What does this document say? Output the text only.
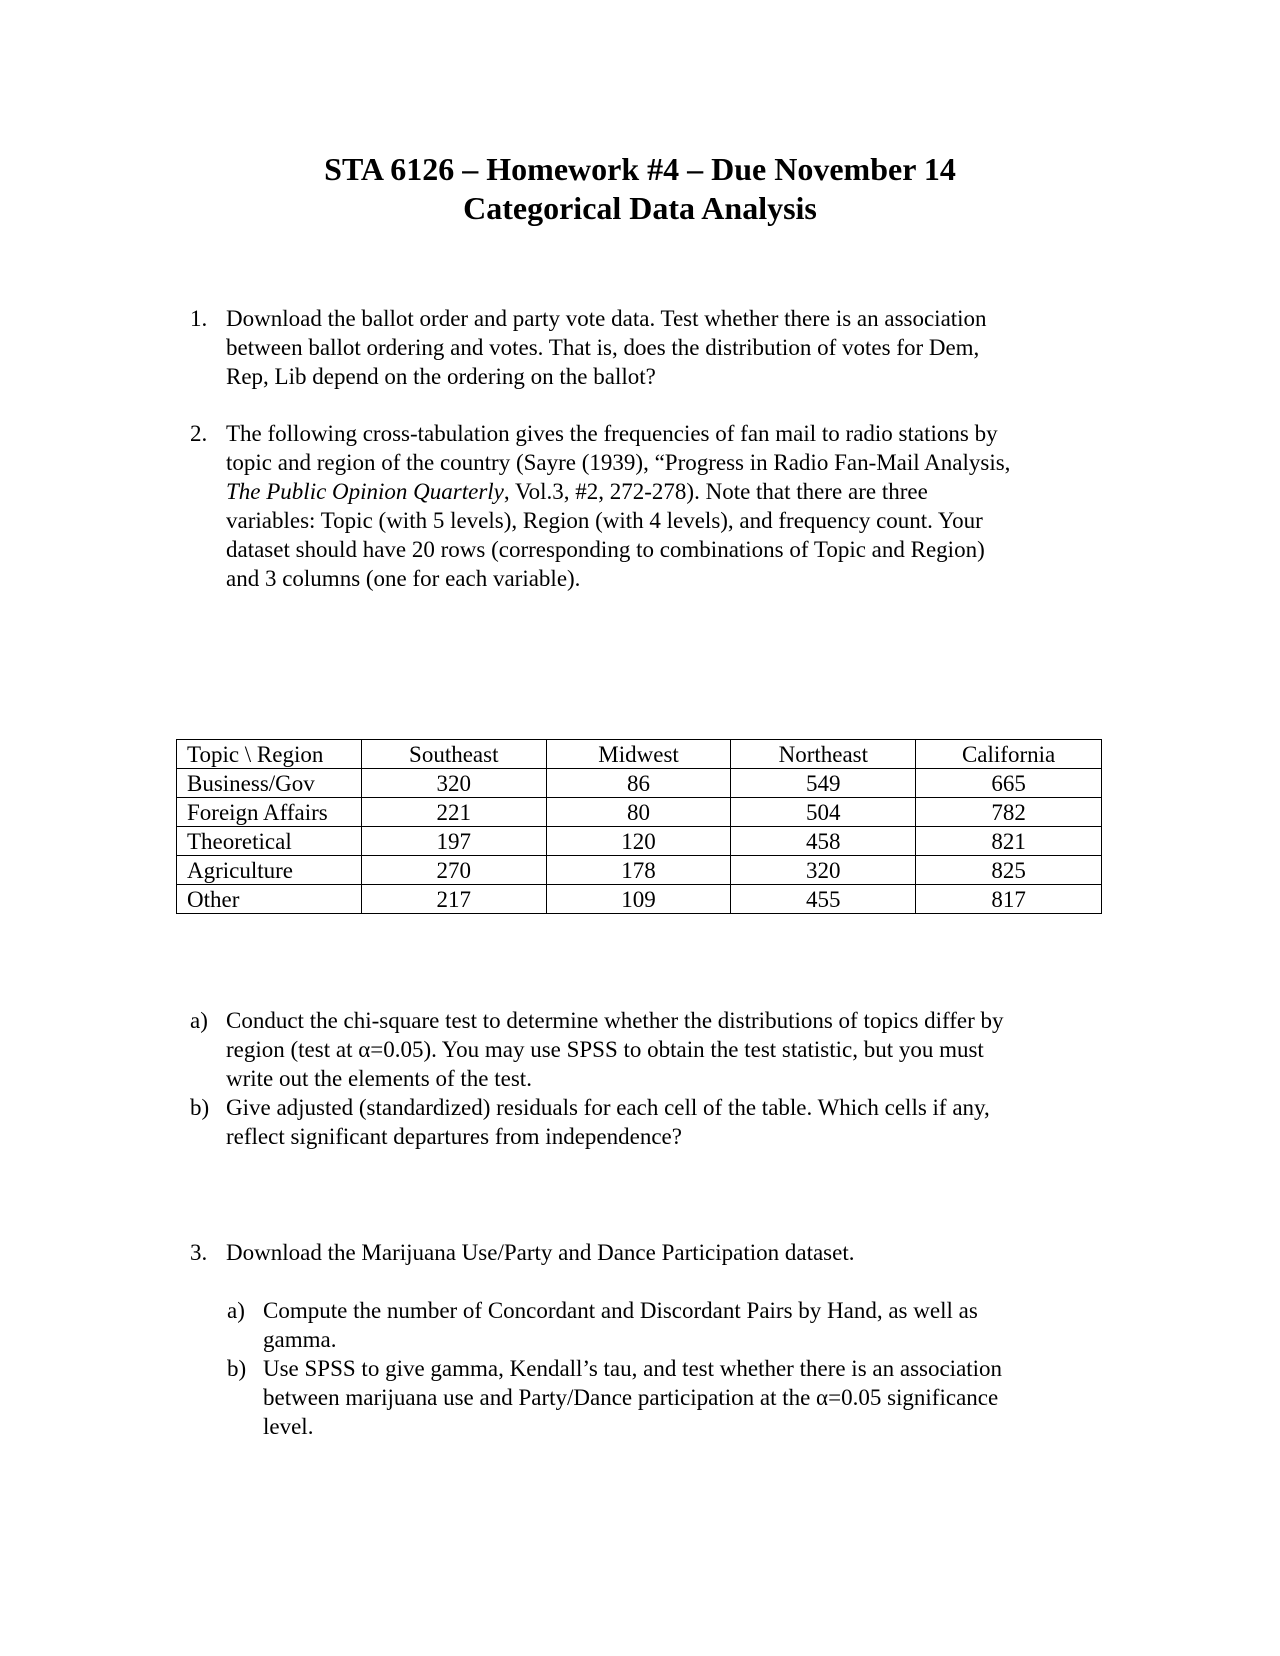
STA 6126 – Homework #4 – Due November 14
Categorical Data Analysis
1. Download the ballot order and party vote data. Test whether there is an association
between ballot ordering and votes. That is, does the distribution of votes for Dem,
Rep, Lib depend on the ordering on the ballot?
2. The following cross-tabulation gives the frequencies of fan mail to radio stations by
topic and region of the country (Sayre (1939), “Progress in Radio Fan-Mail Analysis,
The Public Opinion Quarterly, Vol.3, #2, 272-278). Note that there are three
variables: Topic (with 5 levels), Region (with 4 levels), and frequency count. Your
dataset should have 20 rows (corresponding to combinations of Topic and Region)
and 3 columns (one for each variable).
Topic \ Region	Southeast	Midwest	Northeast	California
Business/Gov	320	86	549	665
Foreign Affairs	221	80	504	782
Theoretical	197	120	458	821
Agriculture	270	178	320	825
Other	217	109	455	817
a) Conduct the chi-square test to determine whether the distributions of topics differ by
region (test at α=0.05). You may use SPSS to obtain the test statistic, but you must
write out the elements of the test.
b) Give adjusted (standardized) residuals for each cell of the table. Which cells if any,
reflect significant departures from independence?
3. Download the Marijuana Use/Party and Dance Participation dataset.
a) Compute the number of Concordant and Discordant Pairs by Hand, as well as
gamma.
b) Use SPSS to give gamma, Kendall’s tau, and test whether there is an association
between marijuana use and Party/Dance participation at the α=0.05 significance
level.
